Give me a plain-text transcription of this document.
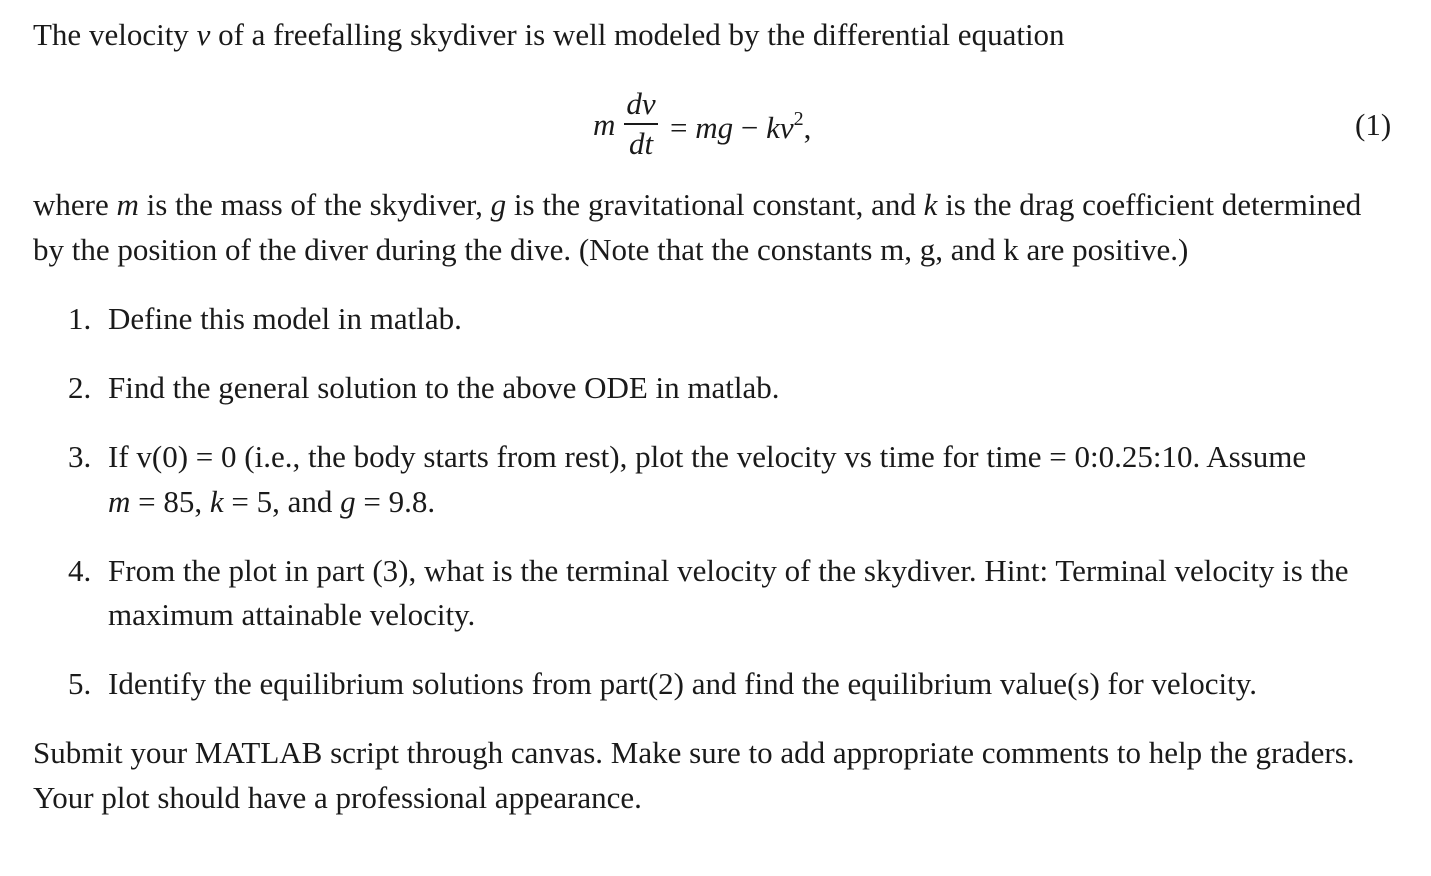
The velocity v of a freefalling skydiver is well modeled by the differential equation
m
dv
dt = mg − $kv^2$,	(1)
where m is the mass of the skydiver, g is the gravitational constant, and k is the drag coefficient determined
by the position of the diver during the dive. (Note that the constants m, g, and k are positive.)
1. Define this model in matlab.
2. Find the general solution to the above ODE in matlab.
3. If v(0) = 0 (i.e., the body starts from rest), plot the velocity vs time for time = 0:0.25:10. Assume
m = 85, k = 5, and g = 9.8.
4. From the plot in part (3), what is the terminal velocity of the skydiver. Hint: Terminal velocity is the
maximum attainable velocity.
5. Identify the equilibrium solutions from part(2) and find the equilibrium value(s) for velocity.
Submit your MATLAB script through canvas. Make sure to add appropriate comments to help the graders.
Your plot should have a professional appearance.
